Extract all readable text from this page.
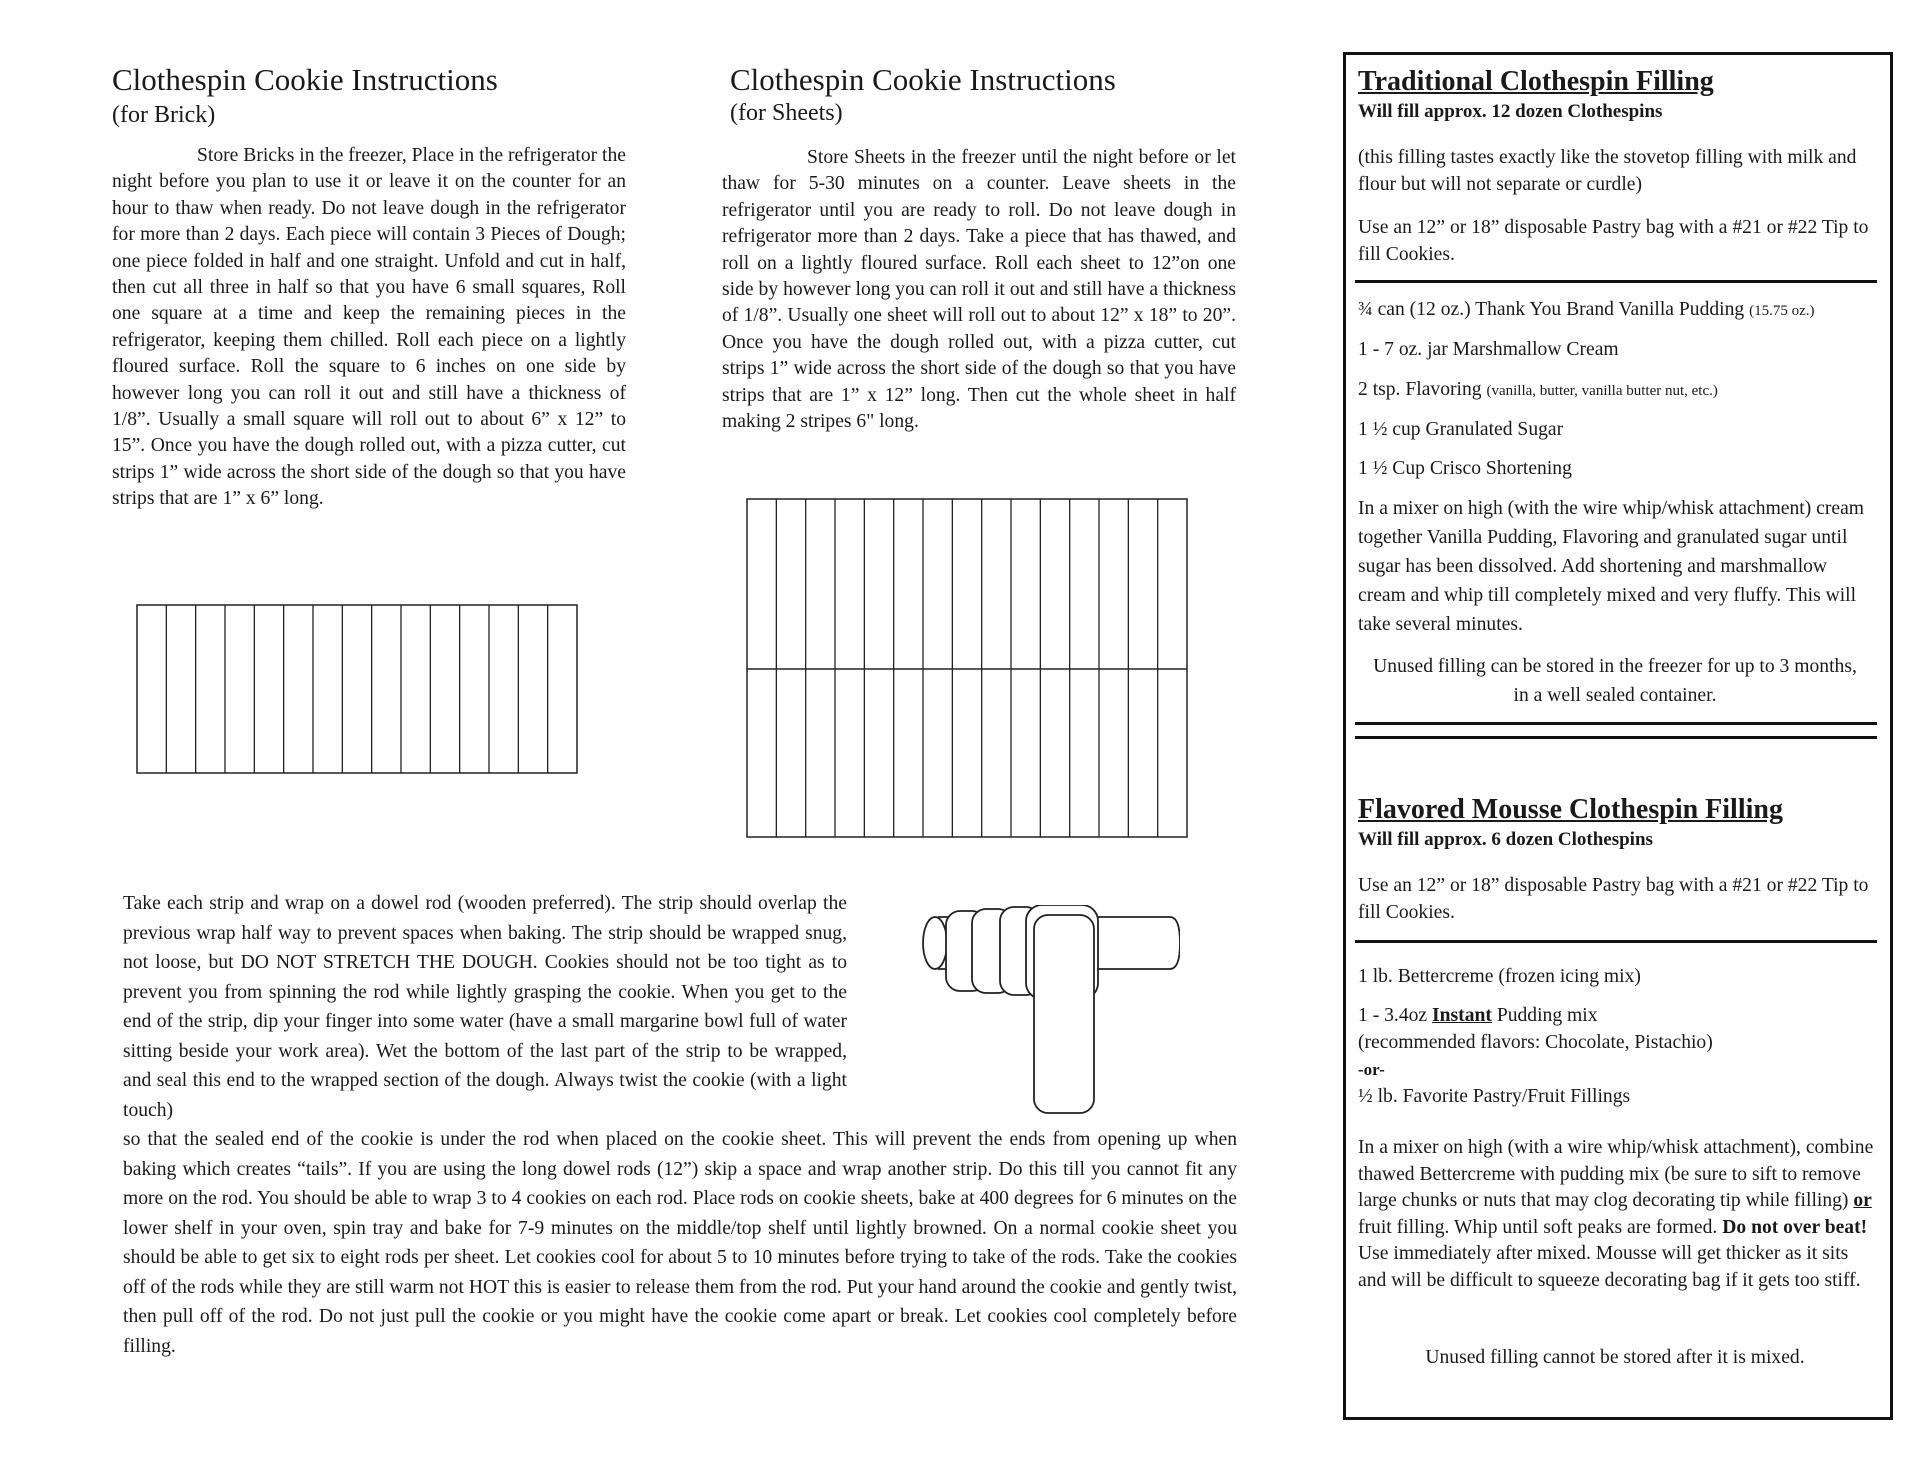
Clothespin Cookie Instructions
(for Brick)

Store Bricks in the freezer, Place in the refrigerator the night before you plan to use it or leave it on the counter for an hour to thaw when ready. Do not leave dough in the refrigerator for more than 2 days. Each piece will contain 3 Pieces of Dough; one piece folded in half and one straight. Unfold and cut in half, then cut all three in half so that you have 6 small squares, Roll one square at a time and keep the remaining pieces in the refrigerator, keeping them chilled. Roll each piece on a lightly floured surface. Roll the square to 6 inches on one side by however long you can roll it out and still have a thickness of 1/8”. Usually a small square will roll out to about 6” x 12” to 15”. Once you have the dough rolled out, with a pizza cutter, cut strips 1” wide across the short side of the dough so that you have strips that are 1” x 6” long.

Clothespin Cookie Instructions
(for Sheets)

Store Sheets in the freezer until the night before or let thaw for 5-30 minutes on a counter. Leave sheets in the refrigerator until you are ready to roll. Do not leave dough in refrigerator more than 2 days. Take a piece that has thawed, and roll on a lightly floured surface. Roll each sheet to 12”on one side by however long you can roll it out and still have a thickness of 1/8”. Usually one sheet will roll out to about 12” x 18” to 20”. Once you have the dough rolled out, with a pizza cutter, cut strips 1” wide across the short side of the dough so that you have strips that are 1” x 12” long. Then cut the whole sheet in half making 2 stripes 6" long.

Take each strip and wrap on a dowel rod (wooden preferred). The strip should overlap the previous wrap half way to prevent spaces when baking. The strip should be wrapped snug, not loose, but DO NOT STRETCH THE DOUGH. Cookies should not be too tight as to prevent you from spinning the rod while lightly grasping the cookie. When you get to the end of the strip, dip your finger into some water (have a small margarine bowl full of water sitting beside your work area). Wet the bottom of the last part of the strip to be wrapped, and seal this end to the wrapped section of the dough. Always twist the cookie (with a light touch)

so that the sealed end of the cookie is under the rod when placed on the cookie sheet. This will prevent the ends from opening up when baking which creates “tails”. If you are using the long dowel rods (12”) skip a space and wrap another strip. Do this till you cannot fit any more on the rod. You should be able to wrap 3 to 4 cookies on each rod. Place rods on cookie sheets, bake at 400 degrees for 6 minutes on the lower shelf in your oven, spin tray and bake for 7-9 minutes on the middle/top shelf until lightly browned. On a normal cookie sheet you should be able to get six to eight rods per sheet. Let cookies cool for about 5 to 10 minutes before trying to take of the rods. Take the cookies off of the rods while they are still warm not HOT this is easier to release them from the rod. Put your hand around the cookie and gently twist, then pull off of the rod. Do not just pull the cookie or you might have the cookie come apart or break. Let cookies cool completely before filling.

Traditional Clothespin Filling
Will fill approx. 12 dozen Clothespins
(this filling tastes exactly like the stovetop filling with milk and flour but will not separate or curdle)
Use an 12” or 18” disposable Pastry bag with a #21 or #22 Tip to fill Cookies.
¾ can (12 oz.) Thank You Brand Vanilla Pudding (15.75 oz.)
1 - 7 oz. jar Marshmallow Cream
2 tsp. Flavoring (vanilla, butter, vanilla butter nut, etc.)
1 ½ cup Granulated Sugar
1 ½ Cup Crisco Shortening
In a mixer on high (with the wire whip/whisk attachment) cream together Vanilla Pudding, Flavoring and granulated sugar until sugar has been dissolved. Add shortening and marshmallow cream and whip till completely mixed and very fluffy. This will take several minutes.
Unused filling can be stored in the freezer for up to 3 months, in a well sealed container.
Flavored Mousse Clothespin Filling
Will fill approx. 6 dozen Clothespins
Use an 12” or 18” disposable Pastry bag with a #21 or #22 Tip to fill Cookies.
1 lb. Bettercreme (frozen icing mix)
1 - 3.4oz Instant Pudding mix
(recommended flavors: Chocolate, Pistachio)
-or-
½ lb. Favorite Pastry/Fruit Fillings
In a mixer on high (with a wire whip/whisk attachment), combine thawed Bettercreme with pudding mix (be sure to sift to remove large chunks or nuts that may clog decorating tip while filling) or fruit filling. Whip until soft peaks are formed. Do not over beat! Use immediately after mixed. Mousse will get thicker as it sits and will be difficult to squeeze decorating bag if it gets too stiff.
Unused filling cannot be stored after it is mixed.
